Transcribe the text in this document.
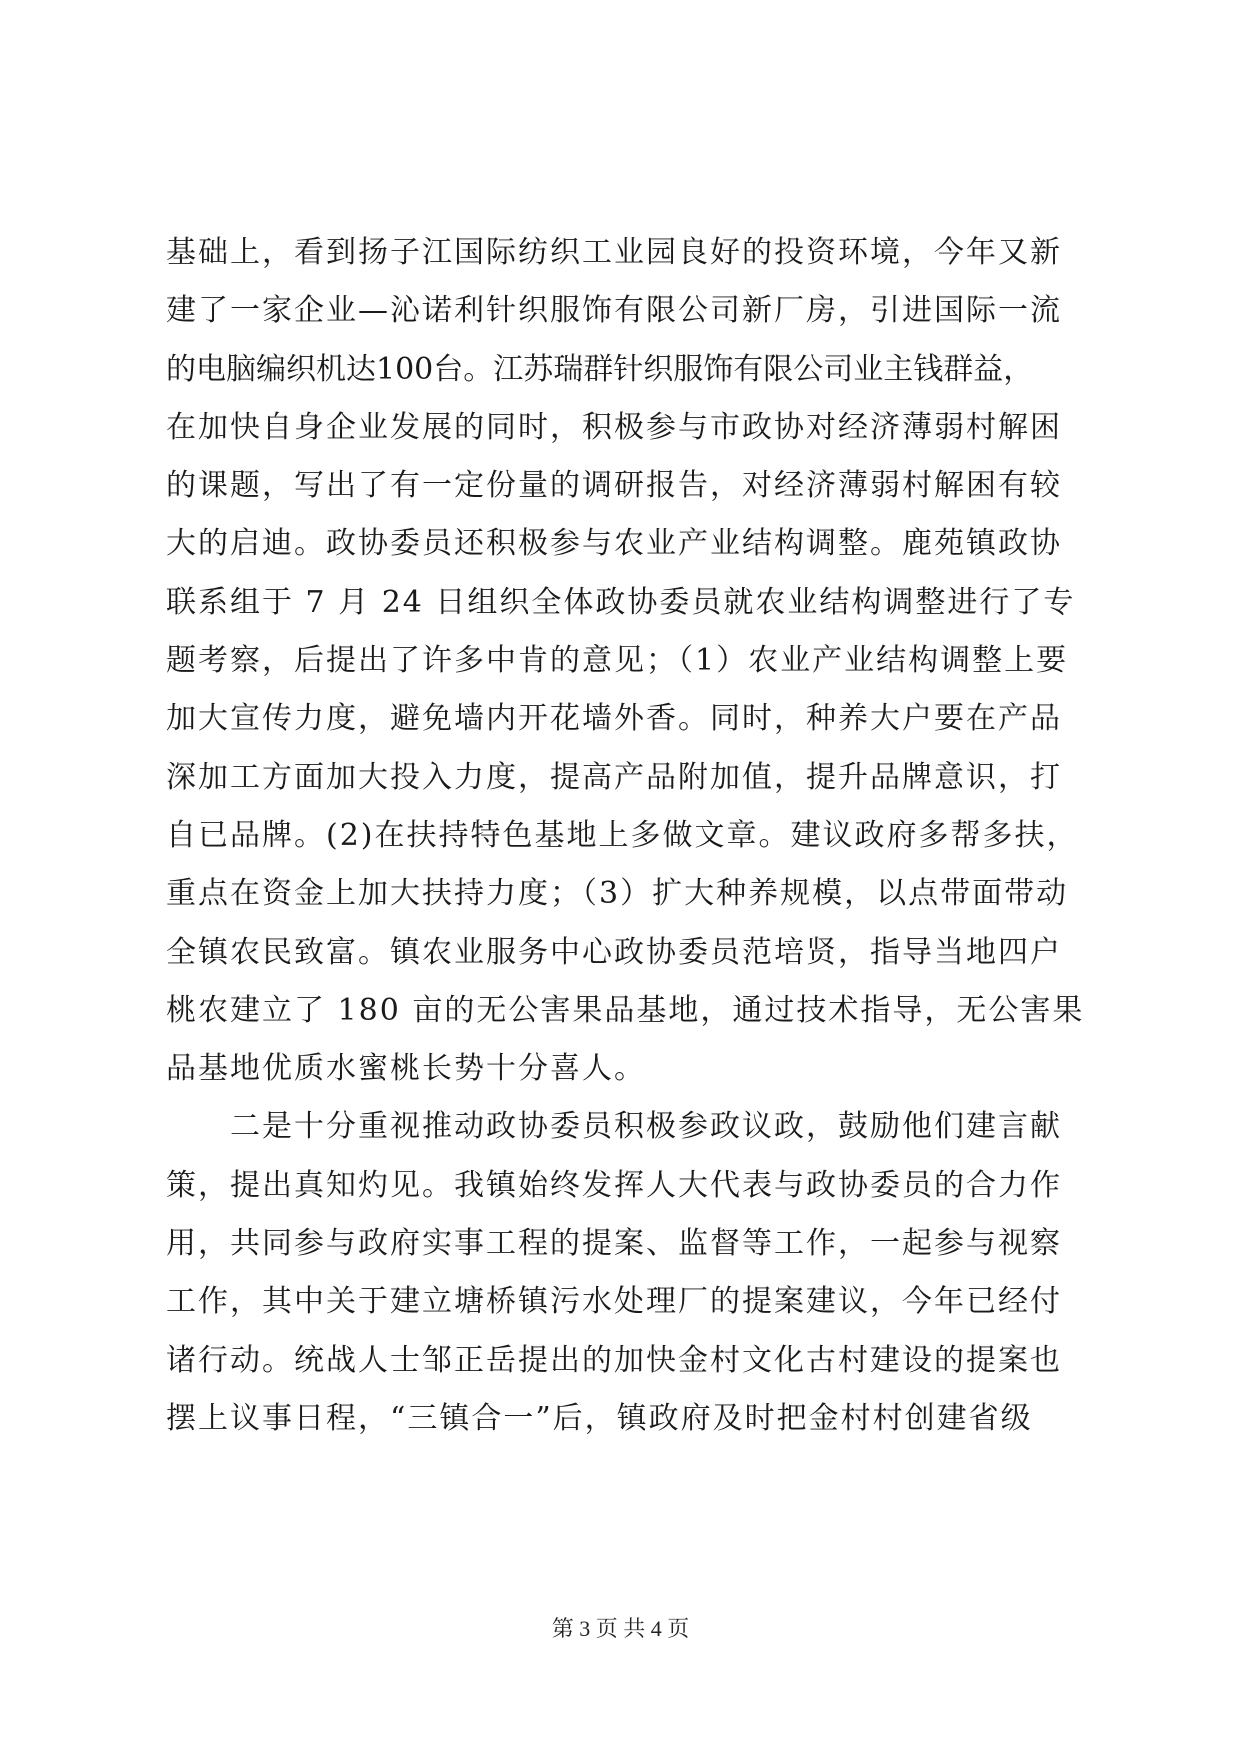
基础上，看到扬子江国际纺织工业园良好的投资环境，今年又新
建了一家企业—沁诺利针织服饰有限公司新厂房，引进国际一流
的电脑编织机达100台。江苏瑞群针织服饰有限公司业主钱群益，
在加快自身企业发展的同时，积极参与市政协对经济薄弱村解困
的课题，写出了有一定份量的调研报告，对经济薄弱村解困有较
大的启迪。政协委员还积极参与农业产业结构调整。鹿苑镇政协
联系组于 7 月 24 日组织全体政协委员就农业结构调整进行了专
题考察，后提出了许多中肯的意见；（1）农业产业结构调整上要
加大宣传力度，避免墙内开花墙外香。同时，种养大户要在产品
深加工方面加大投入力度，提高产品附加值，提升品牌意识，打
自已品牌。(2)在扶持特色基地上多做文章。建议政府多帮多扶，
重点在资金上加大扶持力度；（3）扩大种养规模，以点带面带动
全镇农民致富。镇农业服务中心政协委员范培贤，指导当地四户
桃农建立了 180 亩的无公害果品基地，通过技术指导，无公害果
品基地优质水蜜桃长势十分喜人。
　　二是十分重视推动政协委员积极参政议政，鼓励他们建言献
策，提出真知灼见。我镇始终发挥人大代表与政协委员的合力作
用，共同参与政府实事工程的提案、监督等工作，一起参与视察
工作，其中关于建立塘桥镇污水处理厂的提案建议，今年已经付
诸行动。统战人士邹正岳提出的加快金村文化古村建设的提案也
摆上议事日程，“三镇合一”后，镇政府及时把金村村创建省级
第 3 页 共 4 页
